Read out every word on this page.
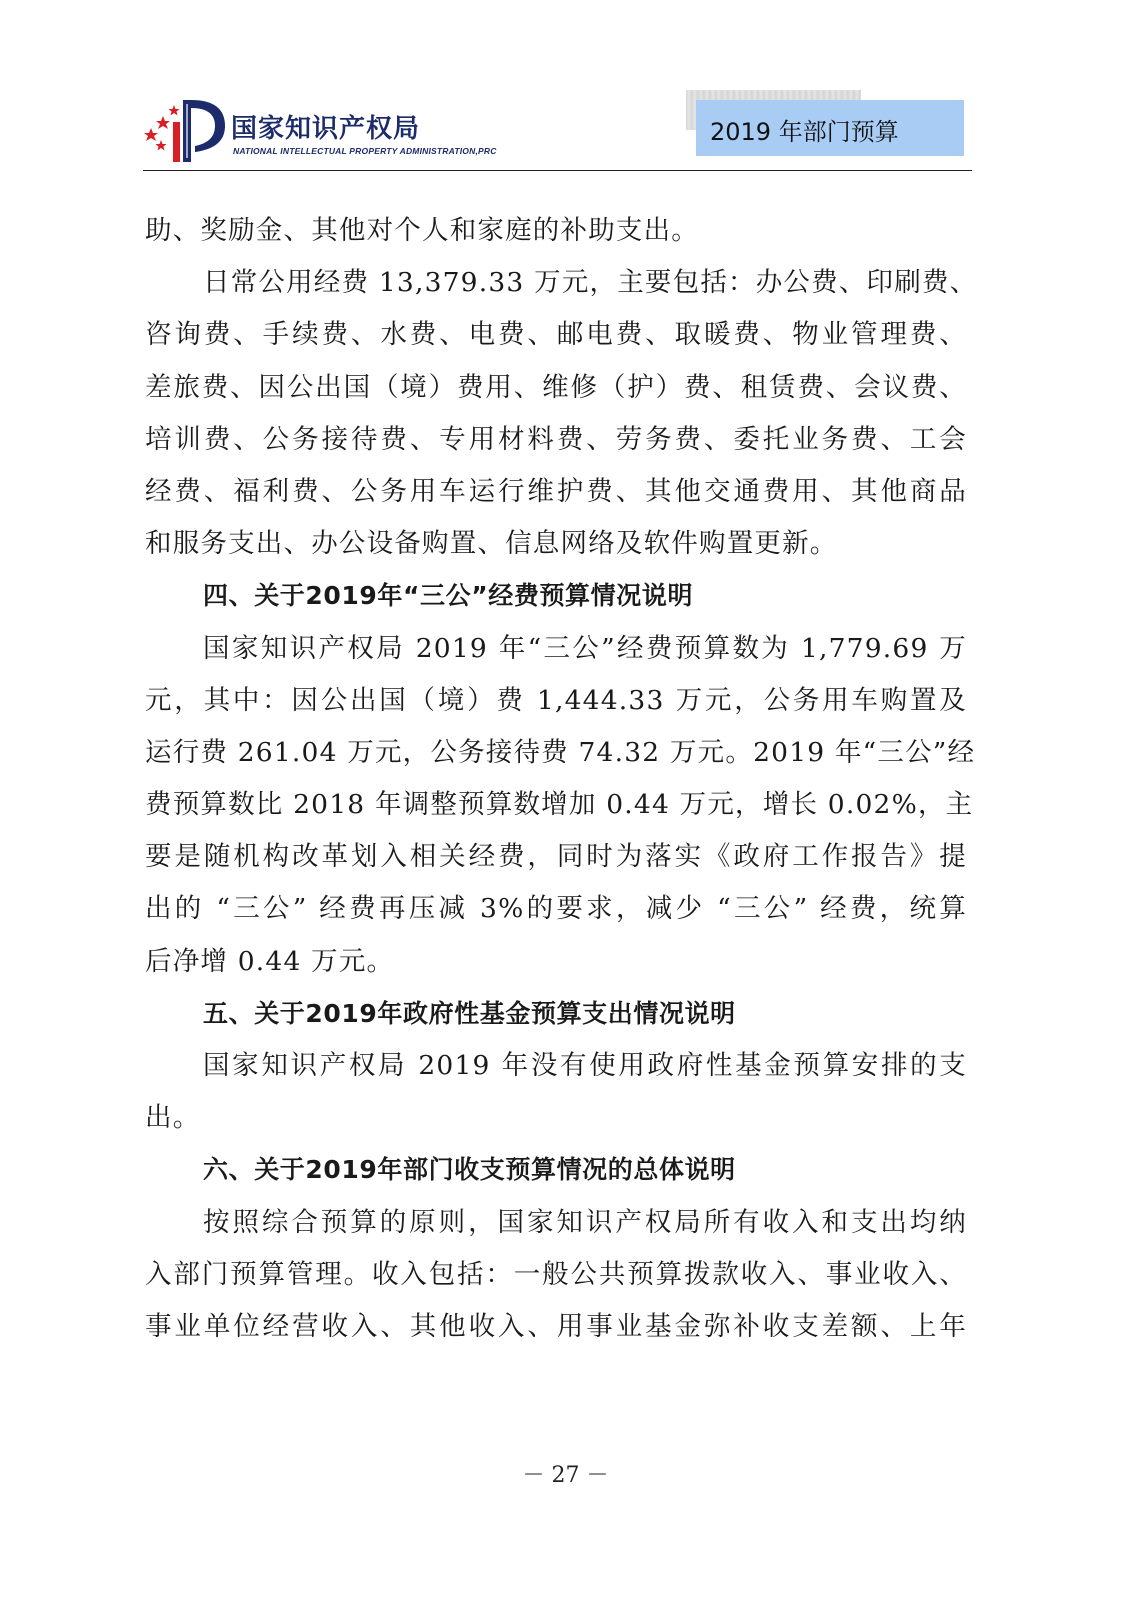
国家知识产权局
NATIONAL INTELLECTUAL PROPERTY ADMINISTRATION,PRC
2019 年部门预算
助、奖励金、其他对个人和家庭的补助支出。
日常公用经费 13,379.33 万元，主要包括：办公费、印刷费、
咨询费、手续费、水费、电费、邮电费、取暖费、物业管理费、
差旅费、因公出国（境）费用、维修（护）费、租赁费、会议费、
培训费、公务接待费、专用材料费、劳务费、委托业务费、工会
经费、福利费、公务用车运行维护费、其他交通费用、其他商品
和服务支出、办公设备购置、信息网络及软件购置更新。
四、关于2019年“三公”经费预算情况说明
国家知识产权局 2019 年“三公”经费预算数为 1,779.69 万
元，其中：因公出国（境）费 1,444.33 万元，公务用车购置及
运行费 261.04 万元，公务接待费 74.32 万元。2019 年“三公”经
费预算数比 2018 年调整预算数增加 0.44 万元，增长 0.02%，主
要是随机构改革划入相关经费，同时为落实《政府工作报告》提
出的 “三公” 经费再压减 3%的要求，减少 “三公” 经费，统算
后净增 0.44 万元。
五、关于2019年政府性基金预算支出情况说明
国家知识产权局 2019 年没有使用政府性基金预算安排的支
出。
六、关于2019年部门收支预算情况的总体说明
按照综合预算的原则，国家知识产权局所有收入和支出均纳
入部门预算管理。收入包括：一般公共预算拨款收入、事业收入、
事业单位经营收入、其他收入、用事业基金弥补收支差额、上年
－ 27 －
